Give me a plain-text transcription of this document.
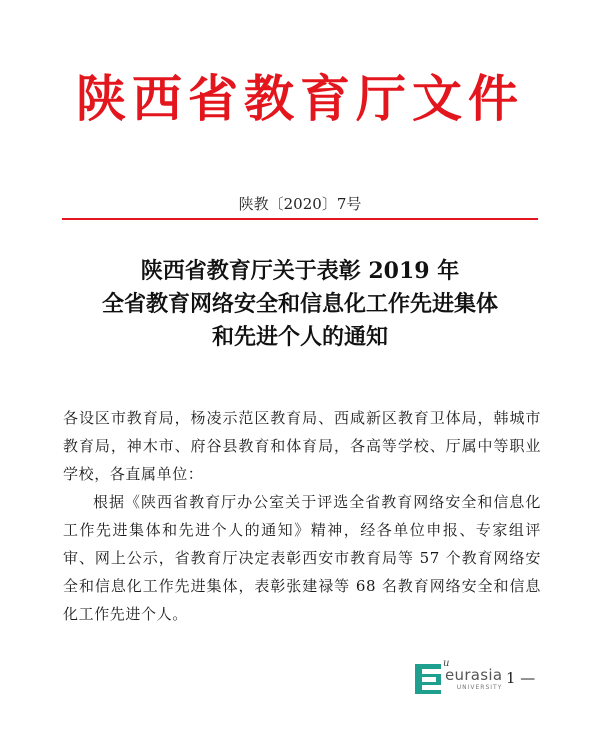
陕西省教育厅文件
陕教〔2020〕7号
陕西省教育厅关于表彰 2019 年
全省教育网络安全和信息化工作先进集体
和先进个人的通知

各设区市教育局，杨凌示范区教育局、西咸新区教育卫体局，韩城市教育局，神木市、府谷县教育和体育局，各高等学校、厅属中等职业学校，各直属单位：

根据《陕西省教育厅办公室关于评选全省教育网络安全和信息化工作先进集体和先进个人的通知》精神，经各单位申报、专家组评审、网上公示，省教育厅决定表彰西安市教育局等 57 个教育网络安全和信息化工作先进集体，表彰张建禄等 68 名教育网络安全和信息化工作先进个人。

u
eurasia
UNIVERSITY 1 —
